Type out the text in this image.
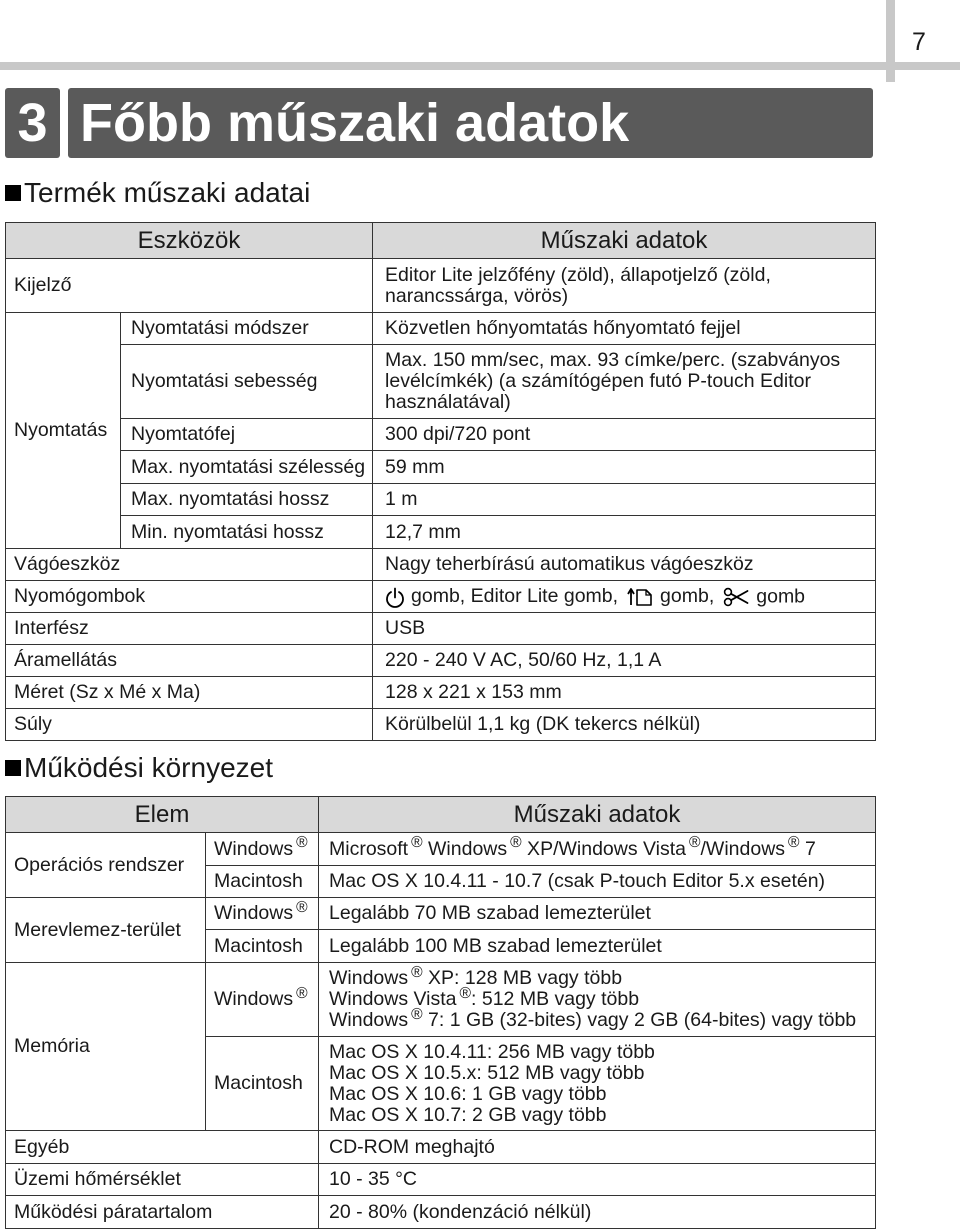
7
3 Főbb műszaki adatok
Termék műszaki adatai
Eszközök		Műszaki adatok
Kijelző		Editor Lite jelzőfény (zöld), állapotjelző (zöld, narancssárga, vörös)
Nyomtatás	Nyomtatási módszer	Közvetlen hőnyomtatás hőnyomtató fejjel
	Nyomtatási sebesség	Max. 150 mm/sec, max. 93 címke/perc. (szabványos levélcímkék) (a számítógépen futó P-touch Editor használatával)
	Nyomtatófej	300 dpi/720 pont
	Max. nyomtatási szélesség	59 mm
	Max. nyomtatási hossz	1 m
	Min. nyomtatási hossz	12,7 mm
Vágóeszköz		Nagy teherbírású automatikus vágóeszköz
Nyomógombok		gomb, Editor Lite gomb, gomb, gomb
Interfész		USB
Áramellátás		220 - 240 V AC, 50/60 Hz, 1,1 A
Méret (Sz x Mé x Ma)		128 x 221 x 153 mm
Súly		Körülbelül 1,1 kg (DK tekercs nélkül)
Működési környezet
Elem		Műszaki adatok
Operációs rendszer	Windows ®	Microsoft ® Windows ® XP/Windows Vista ®/Windows ® 7
	Macintosh	Mac OS X 10.4.11 - 10.7 (csak P-touch Editor 5.x esetén)
Merevlemez-terület	Windows ®	Legalább 70 MB szabad lemezterület
	Macintosh	Legalább 100 MB szabad lemezterület
Memória	Windows ®	Windows ® XP: 128 MB vagy több
Windows Vista ®: 512 MB vagy több
Windows ® 7: 1 GB (32-bites) vagy 2 GB (64-bites) vagy több

	Macintosh	Mac OS X 10.4.11: 256 MB vagy több
Mac OS X 10.5.x: 512 MB vagy több
Mac OS X 10.6: 1 GB vagy több
Mac OS X 10.7: 2 GB vagy több

Egyéb		CD-ROM meghajtó
Üzemi hőmérséklet		10 - 35 °C
Működési páratartalom		20 - 80% (kondenzáció nélkül)
